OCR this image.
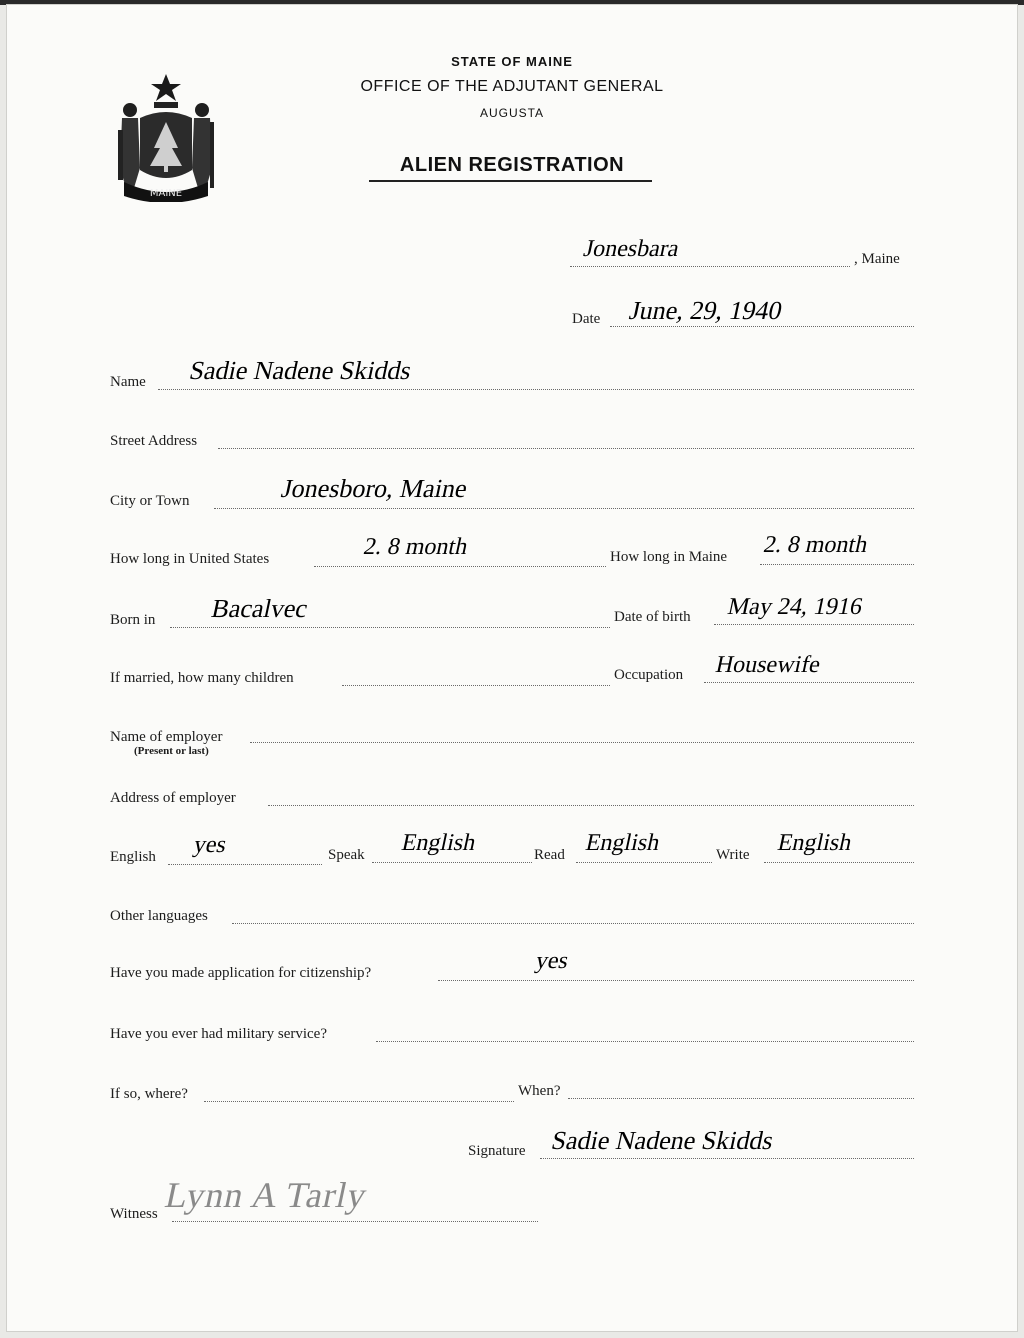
MAINE
STATE OF MAINE
OFFICE OF THE ADJUTANT GENERAL
AUGUSTA
ALIEN REGISTRATION
Jonesbara	, Maine
Date June, 29, 1940
Name Sadie Nadene Skidds
Street Address
City or Town	Jonesboro, Maine
How long in United States	2. 8 month	How long in Maine 2. 8 month
Born in Bacalvec	Date of birth May 24, 1916
If married, how many children	Occupation Housewife
Name of employer
(Present or last)
Address of employer
English yes	Speak English	Read English	Write English
Other languages
Have you made application for citizenship?	yes
Have you ever had military service?
If so, where?	When?
Signature Sadie Nadene Skidds
Witness Lynn A Tarly
